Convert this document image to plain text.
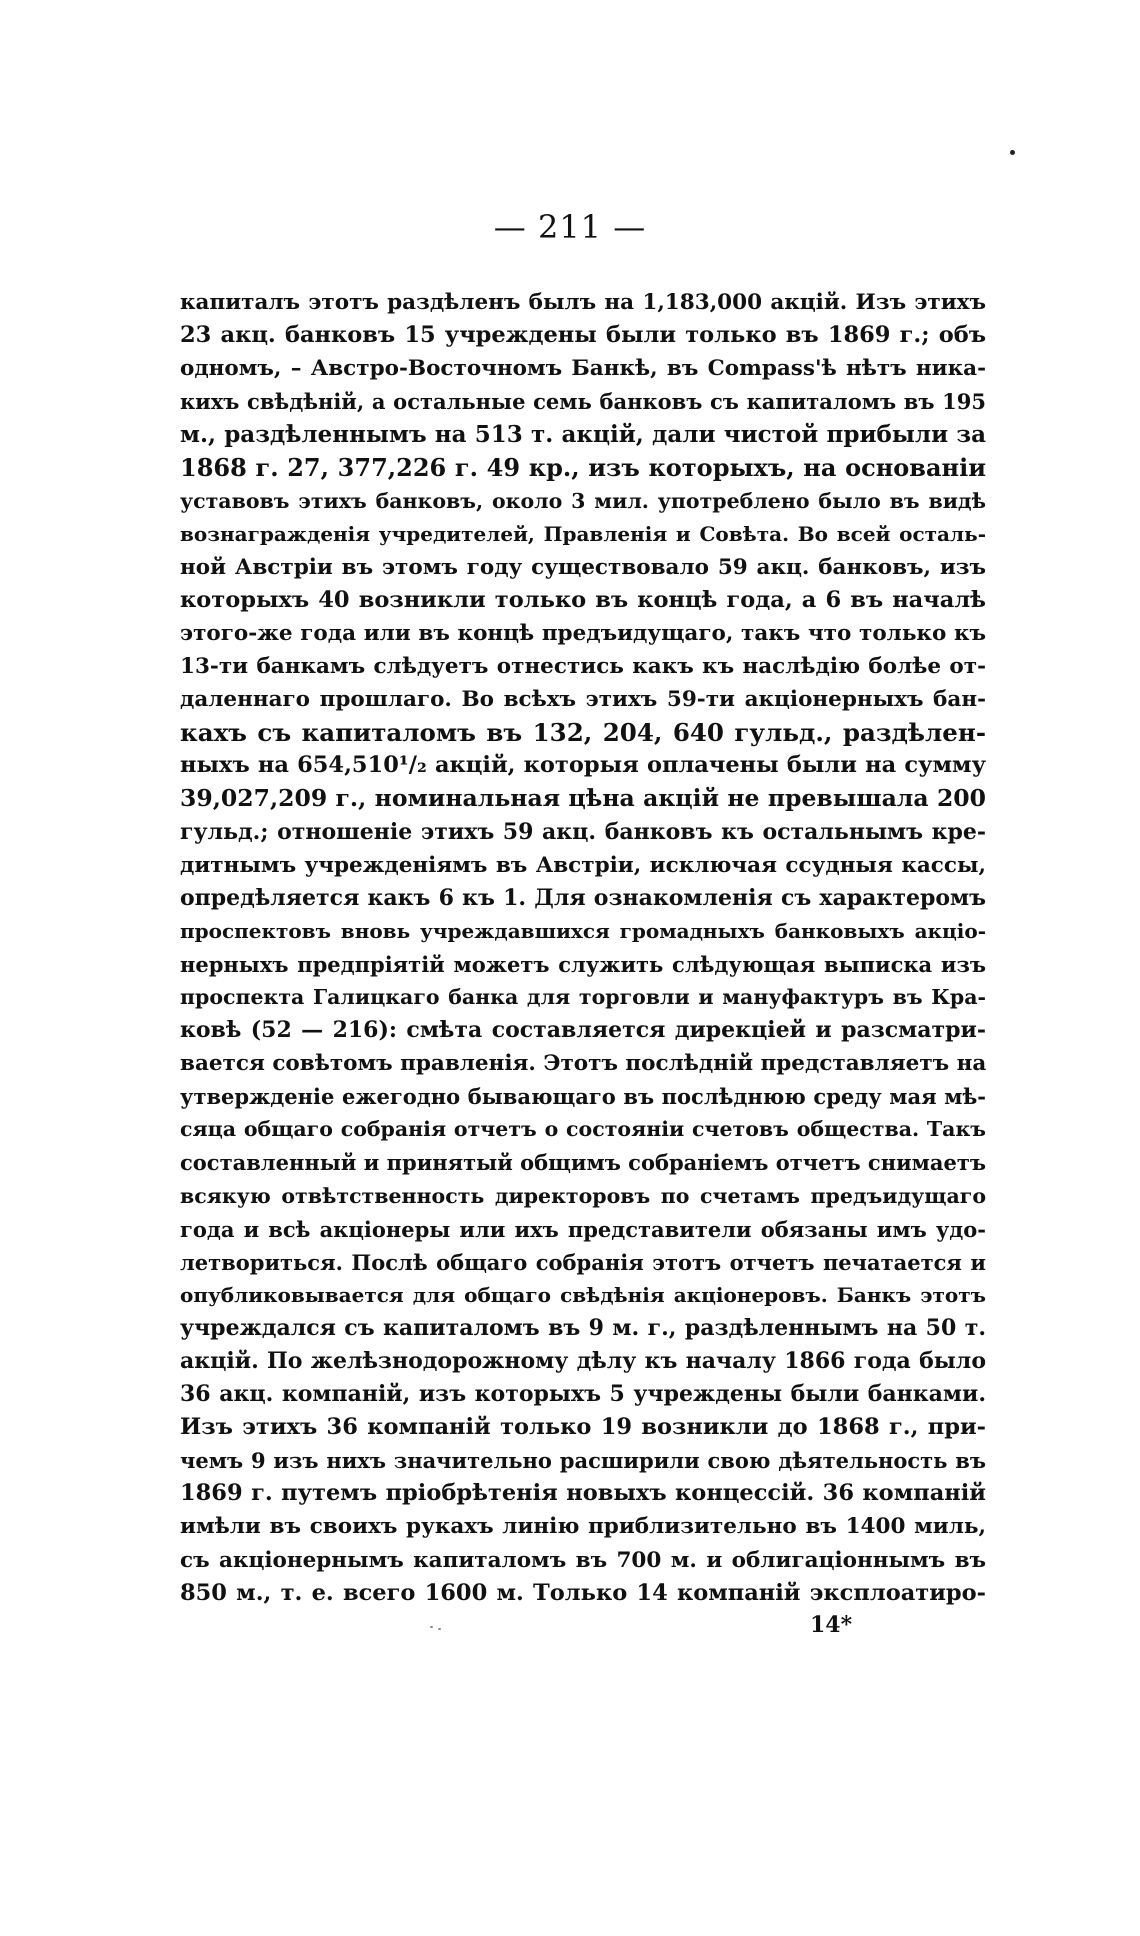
— 211 —
капиталъ этотъ раздѣленъ былъ на 1,183,000 акцій. Изъ этихъ
23 акц. банковъ 15 учреждены были только въ 1869 г.; объ
одномъ, – Австро-Восточномъ Банкѣ, въ Compass'ѣ нѣтъ никa-
кихъ свѣдѣній, а остальные семь банковъ съ капиталомъ въ 195
м., раздѣленнымъ на 513 т. акцій, дали чистой прибыли за
1868 г. 27, 377,226 г. 49 кр., изъ которыхъ, на основаніи
уставовъ этихъ банковъ, около 3 мил. употреблено было въ видѣ
вознагражденія учредителей, Правленія и Совѣта. Во всей осталь-
ной Австріи въ этомъ году существовало 59 акц. банковъ, изъ
которыхъ 40 возникли только въ концѣ года, а 6 въ началѣ
этого-же года или въ концѣ предъидущаго, такъ что только къ
13-ти банкамъ слѣдуетъ отнестись какъ къ наслѣдію болѣе от-
даленнаго прошлаго. Во всѣхъ этихъ 59-ти акціонерныхъ бан-
кахъ съ капиталомъ въ 132, 204, 640 гульд., раздѣлен-
ныхъ на 654,510¹/₂ акцій, которыя оплачены были на сумму
39,027,209 г., номинальная цѣна акцій не превышала 200
гульд.; отношеніе этихъ 59 акц. банковъ къ остальнымъ кре-
дитнымъ учрежденіямъ въ Австріи, исключая ссудныя кассы,
опредѣляется какъ 6 къ 1. Для ознакомленія съ характеромъ
проспектовъ вновь учреждавшихся громадныхъ банковыхъ акціо-
нерныхъ предпріятій можетъ служить слѣдующая выписка изъ
проспекта Галицкаго банка для торговли и мануфактуръ въ Кра-
ковѣ (52 — 216): смѣта составляется дирекціей и разсматри-
вается совѣтомъ правленія. Этотъ послѣдній представляетъ на
утвержденіе ежегодно бывающаго въ послѣднюю среду мая мѣ-
сяца общаго собранія отчетъ о состояніи счетовъ общества. Такъ
составленный и принятый общимъ собраніемъ отчетъ снимаетъ
всякую отвѣтственность директоровъ по счетамъ предъидущаго
года и всѣ акціонеры или ихъ представители обязаны имъ удо-
летвориться. Послѣ общаго собранія этотъ отчетъ печатается и
опубликовывается для общаго свѣдѣнія акціонеровъ. Банкъ этотъ
учреждался съ капиталомъ въ 9 м. г., раздѣленнымъ на 50 т.
акцій. По желѣзнодорожному дѣлу къ началу 1866 года было
36 акц. компаній, изъ которыхъ 5 учреждены были банками.
Изъ этихъ 36 компаній только 19 возникли до 1868 г., при-
чемъ 9 изъ нихъ значительно расширили свою дѣятельность въ
1869 г. путемъ пріобрѣтенія новыхъ концессій. 36 компаній
имѣли въ своихъ рукахъ линію приблизительно въ 1400 миль,
съ акціонернымъ капиталомъ въ 700 м. и облигаціоннымъ въ
850 м., т. е. всего 1600 м. Только 14 компаній эксплоатиро-
14*
